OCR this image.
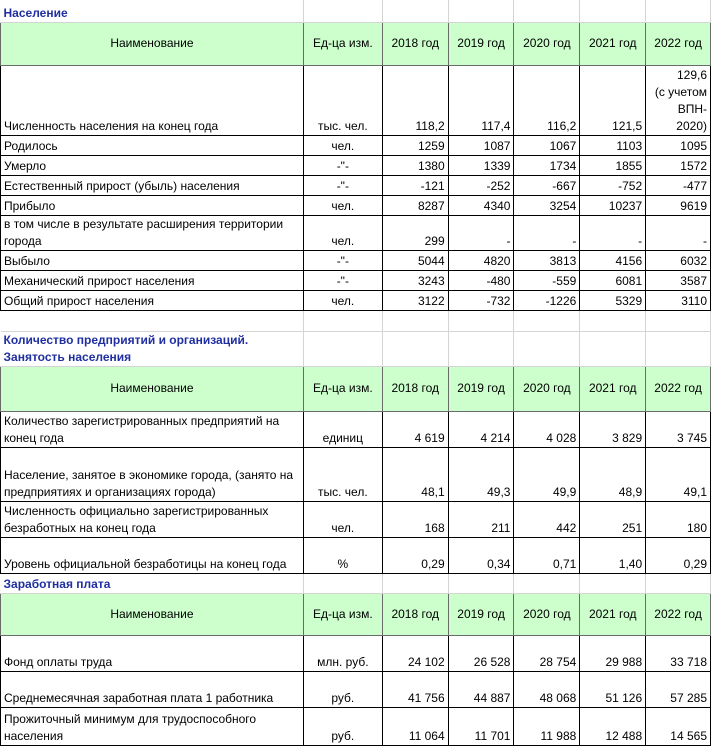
Население						
Наименование	Ед-ца изм.	2018 год	2019 год	2020 год	2021 год	2022 год
Численность населения на конец года	тыс. чел.	118,2	117,4	116,2	121,5	129,6
(с учетом
ВПН-
2020)
Родилось	чел.	1259	1087	1067	1103	1095
Умерло	-"-	1380	1339	1734	1855	1572
Естественный прирост (убыль) населения	-"-	-121	-252	-667	-752	-477
Прибыло	чел.	8287	4340	3254	10237	9619
в том числе в результате расширения территории города	чел.	299	-	-	-	-
Выбыло	-"-	5044	4820	3813	4156	6032
Механический прирост населения	-"-	3243	-480	-559	6081	3587
Общий прирост населения	чел.	3122	-732	-1226	5329	3110

Количество предприятий и организаций. Занятость населения						
Наименование	Ед-ца изм.	2018 год	2019 год	2020 год	2021 год	2022 год
Количество зарегистрированных предприятий на конец года	единиц	4 619	4 214	4 028	3 829	3 745
Население, занятое в экономике города, (занято на предприятиях и организациях города)	тыс. чел.	48,1	49,3	49,9	48,9	49,1
Численность официально зарегистрированных безработных на конец года	чел.	168	211	442	251	180
Уровень официальной безработицы на конец года	%	0,29	0,34	0,71	1,40	0,29
Заработная плата						
Наименование	Ед-ца изм.	2018 год	2019 год	2020 год	2021 год	2022 год
Фонд оплаты труда	млн. руб.	24 102	26 528	28 754	29 988	33 718
Среднемесячная заработная плата 1 работника	руб.	41 756	44 887	48 068	51 126	57 285
Прожиточный минимум для трудоспособного населения	руб.	11 064	11 701	11 988	12 488	14 565
